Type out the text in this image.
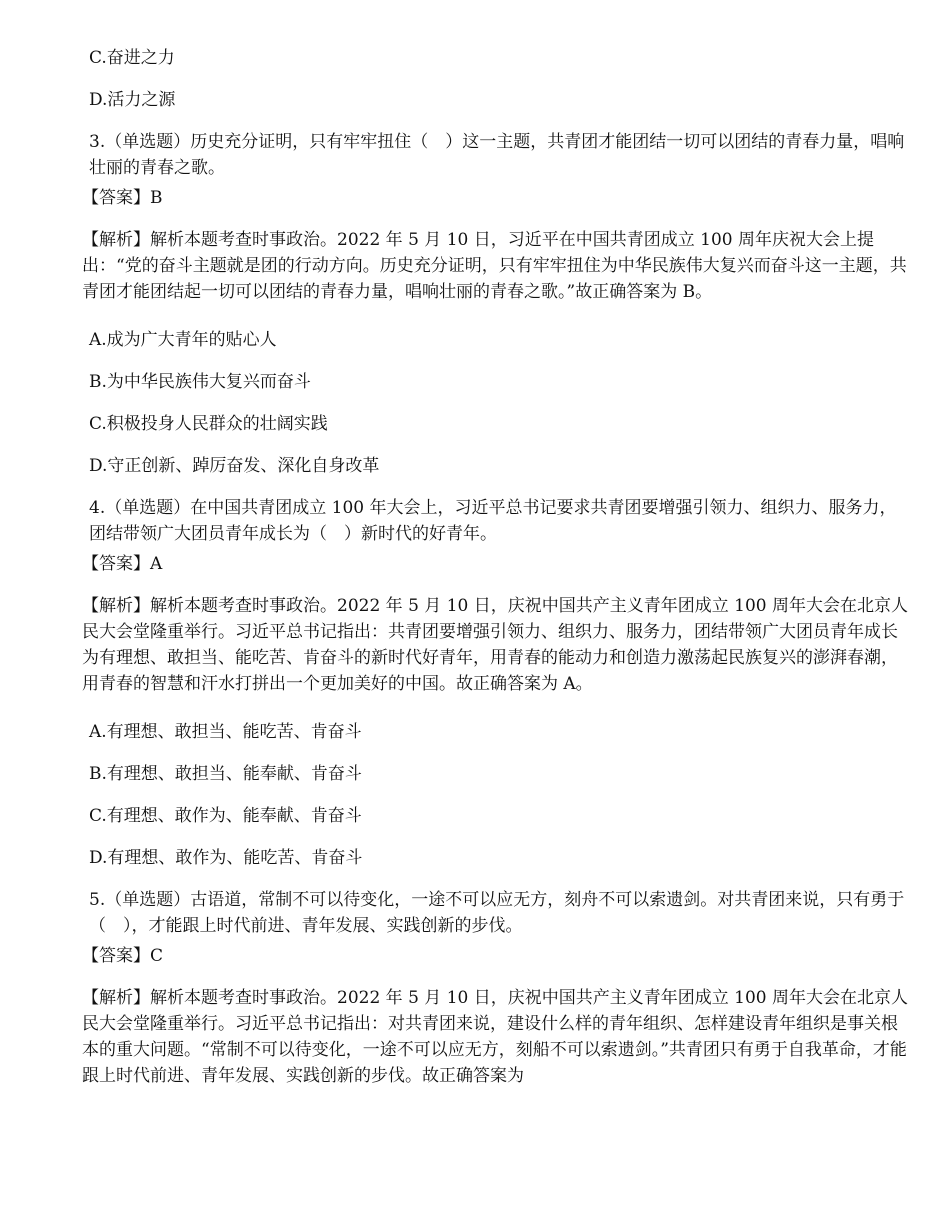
C.奋进之力

D.活力之源

3.（单选题）历史充分证明，只有牢牢扭住（　）这一主题，共青团才能团结一切可以团结的青春力量，唱响壮丽的青春之歌。

【答案】B

【解析】解析本题考查时事政治。2022 年 5 月 10 日，习近平在中国共青团成立 100 周年庆祝大会上提出：“党的奋斗主题就是团的行动方向。历史充分证明，只有牢牢扭住为中华民族伟大复兴而奋斗这一主题，共青团才能团结起一切可以团结的青春力量，唱响壮丽的青春之歌。”故正确答案为 B。

A.成为广大青年的贴心人

B.为中华民族伟大复兴而奋斗

C.积极投身人民群众的壮阔实践

D.守正创新、踔厉奋发、深化自身改革

4.（单选题）在中国共青团成立 100 年大会上，习近平总书记要求共青团要增强引领力、组织力、服务力，团结带领广大团员青年成长为（　）新时代的好青年。

【答案】A

【解析】解析本题考查时事政治。2022 年 5 月 10 日，庆祝中国共产主义青年团成立 100 周年大会在北京人民大会堂隆重举行。习近平总书记指出：共青团要增强引领力、组织力、服务力，团结带领广大团员青年成长为有理想、敢担当、能吃苦、肯奋斗的新时代好青年，用青春的能动力和创造力激荡起民族复兴的澎湃春潮，用青春的智慧和汗水打拼出一个更加美好的中国。故正确答案为 A。

A.有理想、敢担当、能吃苦、肯奋斗

B.有理想、敢担当、能奉献、肯奋斗

C.有理想、敢作为、能奉献、肯奋斗

D.有理想、敢作为、能吃苦、肯奋斗

5.（单选题）古语道，常制不可以待变化，一途不可以应无方，刻舟不可以索遗剑。对共青团来说，只有勇于（　），才能跟上时代前进、青年发展、实践创新的步伐。

【答案】C

【解析】解析本题考查时事政治。2022 年 5 月 10 日，庆祝中国共产主义青年团成立 100 周年大会在北京人民大会堂隆重举行。习近平总书记指出：对共青团来说，建设什么样的青年组织、怎样建设青年组织是事关根本的重大问题。“常制不可以待变化，一途不可以应无方，刻船不可以索遗剑。”共青团只有勇于自我革命，才能跟上时代前进、青年发展、实践创新的步伐。故正确答案为
